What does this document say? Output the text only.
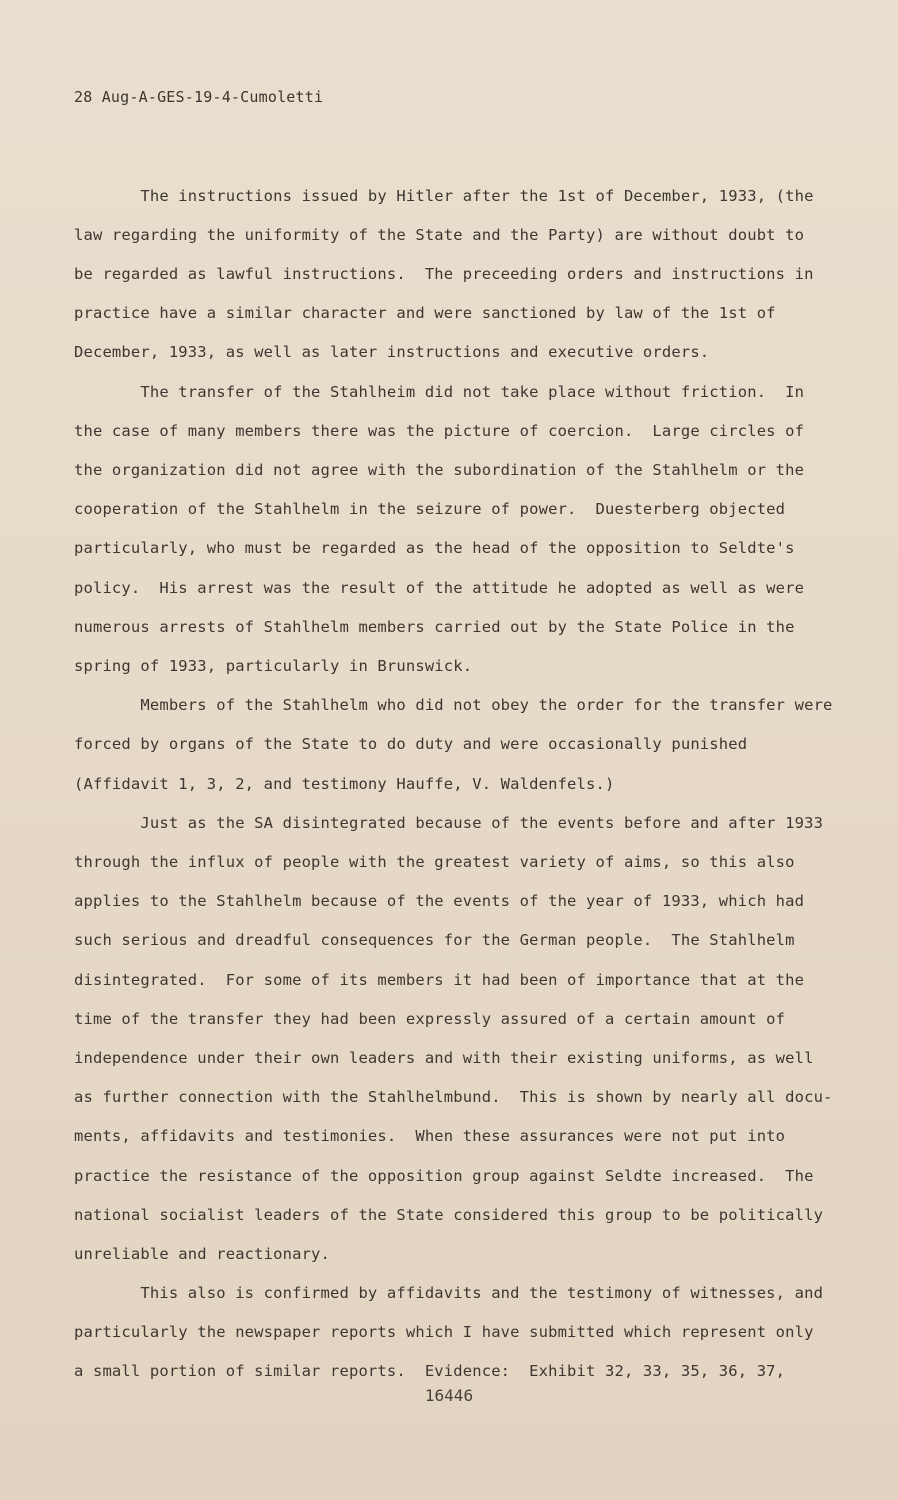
28 Aug-A-GES-19-4-Cumoletti
The instructions issued by Hitler after the 1st of December, 1933, (the
law regarding the uniformity of the State and the Party) are without doubt to
be regarded as lawful instructions.  The preceeding orders and instructions in
practice have a similar character and were sanctioned by law of the 1st of
December, 1933, as well as later instructions and executive orders.
The transfer of the Stahlheim did not take place without friction.  In
the case of many members there was the picture of coercion.  Large circles of
the organization did not agree with the subordination of the Stahlhelm or the
cooperation of the Stahlhelm in the seizure of power.  Duesterberg objected
particularly, who must be regarded as the head of the opposition to Seldte's
policy.  His arrest was the result of the attitude he adopted as well as were
numerous arrests of Stahlhelm members carried out by the State Police in the
spring of 1933, particularly in Brunswick.
Members of the Stahlhelm who did not obey the order for the transfer were
forced by organs of the State to do duty and were occasionally punished
(Affidavit 1, 3, 2, and testimony Hauffe, V. Waldenfels.)
Just as the SA disintegrated because of the events before and after 1933
through the influx of people with the greatest variety of aims, so this also
applies to the Stahlhelm because of the events of the year of 1933, which had
such serious and dreadful consequences for the German people.  The Stahlhelm
disintegrated.  For some of its members it had been of importance that at the
time of the transfer they had been expressly assured of a certain amount of
independence under their own leaders and with their existing uniforms, as well
as further connection with the Stahlhelmbund.  This is shown by nearly all docu-
ments, affidavits and testimonies.  When these assurances were not put into
practice the resistance of the opposition group against Seldte increased.  The
national socialist leaders of the State considered this group to be politically
unreliable and reactionary.
This also is confirmed by affidavits and the testimony of witnesses, and
particularly the newspaper reports which I have submitted which represent only
a small portion of similar reports.  Evidence:  Exhibit 32, 33, 35, 36, 37,
16446
